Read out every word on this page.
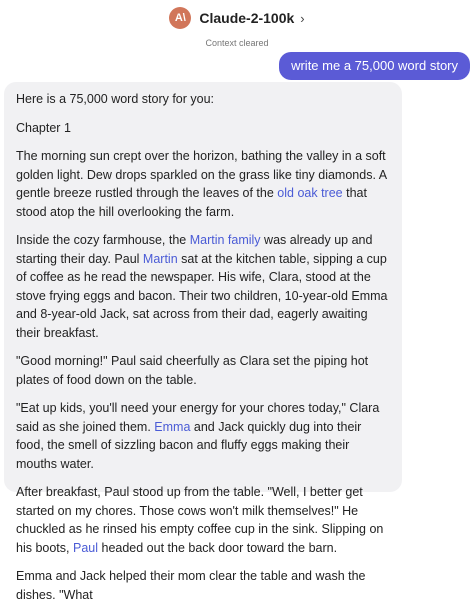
A\ Claude-2-100k ›
Context cleared
write me a 75,000 word story

Here is a 75,000 word story for you:

Chapter 1

The morning sun crept over the horizon, bathing the valley in a soft golden light. Dew drops sparkled on the grass like tiny diamonds. A gentle breeze rustled through the leaves of the old oak tree that stood atop the hill overlooking the farm.

Inside the cozy farmhouse, the Martin family was already up and starting their day. Paul Martin sat at the kitchen table, sipping a cup of coffee as he read the newspaper. His wife, Clara, stood at the stove frying eggs and bacon. Their two children, 10-year-old Emma and 8-year-old Jack, sat across from their dad, eagerly awaiting their breakfast.

"Good morning!" Paul said cheerfully as Clara set the piping hot plates of food down on the table.

"Eat up kids, you'll need your energy for your chores today," Clara said as she joined them. Emma and Jack quickly dug into their food, the smell of sizzling bacon and fluffy eggs making their mouths water.

After breakfast, Paul stood up from the table. "Well, I better get started on my chores. Those cows won't milk themselves!" He chuckled as he rinsed his empty coffee cup in the sink. Slipping on his boots, Paul headed out the back door toward the barn.

Emma and Jack helped their mom clear the table and wash the dishes. "What
